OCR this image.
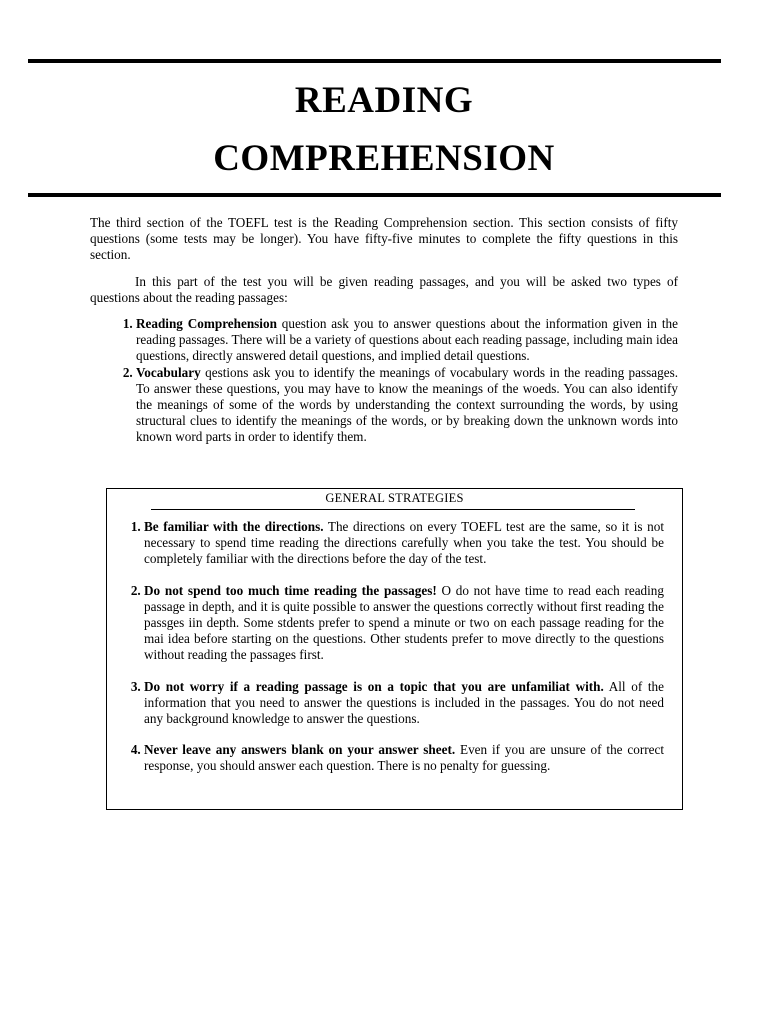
READING
COMPREHENSION

The third section of the TOEFL test is the Reading Comprehension section. This section consists of fifty questions (some tests may be longer). You have fifty-five minutes to complete the fifty questions in this section.

In this part of the test you will be given reading passages, and you will be asked two types of questions about the reading passages:

1. Reading Comprehension question ask you to answer questions about the information given in the reading passages. There will be a variety of questions about each reading passage, including main idea questions, directly answered detail questions, and implied detail questions.
2. Vocabulary qestions ask you to identify the meanings of vocabulary words in the reading passages. To answer these questions, you may have to know the meanings of the woeds. You can also identify the meanings of some of the words by understanding the context surrounding the words, by using structural clues to identify the meanings of the words, or by breaking down the unknown words into known word parts in order to identify them.
GENERAL STRATEGIES
1. Be familiar with the directions. The directions on every TOEFL test are the same, so it is not necessary to spend time reading the directions carefully when you take the test. You should be completely familiar with the directions before the day of the test.
2. Do not spend too much time reading the passages! O do not have time to read each reading passage in depth, and it is quite possible to answer the questions correctly without first reading the passges iin depth. Some stdents prefer to spend a minute or two on each passage reading for the mai idea before starting on the questions. Other students prefer to move directly to the questions without reading the passages first.
3. Do not worry if a reading passage is on a topic that you are unfamiliat with. All of the information that you need to answer the questions is included in the passages. You do not need any background knowledge to answer the questions.
4. Never leave any answers blank on your answer sheet. Even if you are unsure of the correct response, you should answer each question. There is no penalty for guessing.
